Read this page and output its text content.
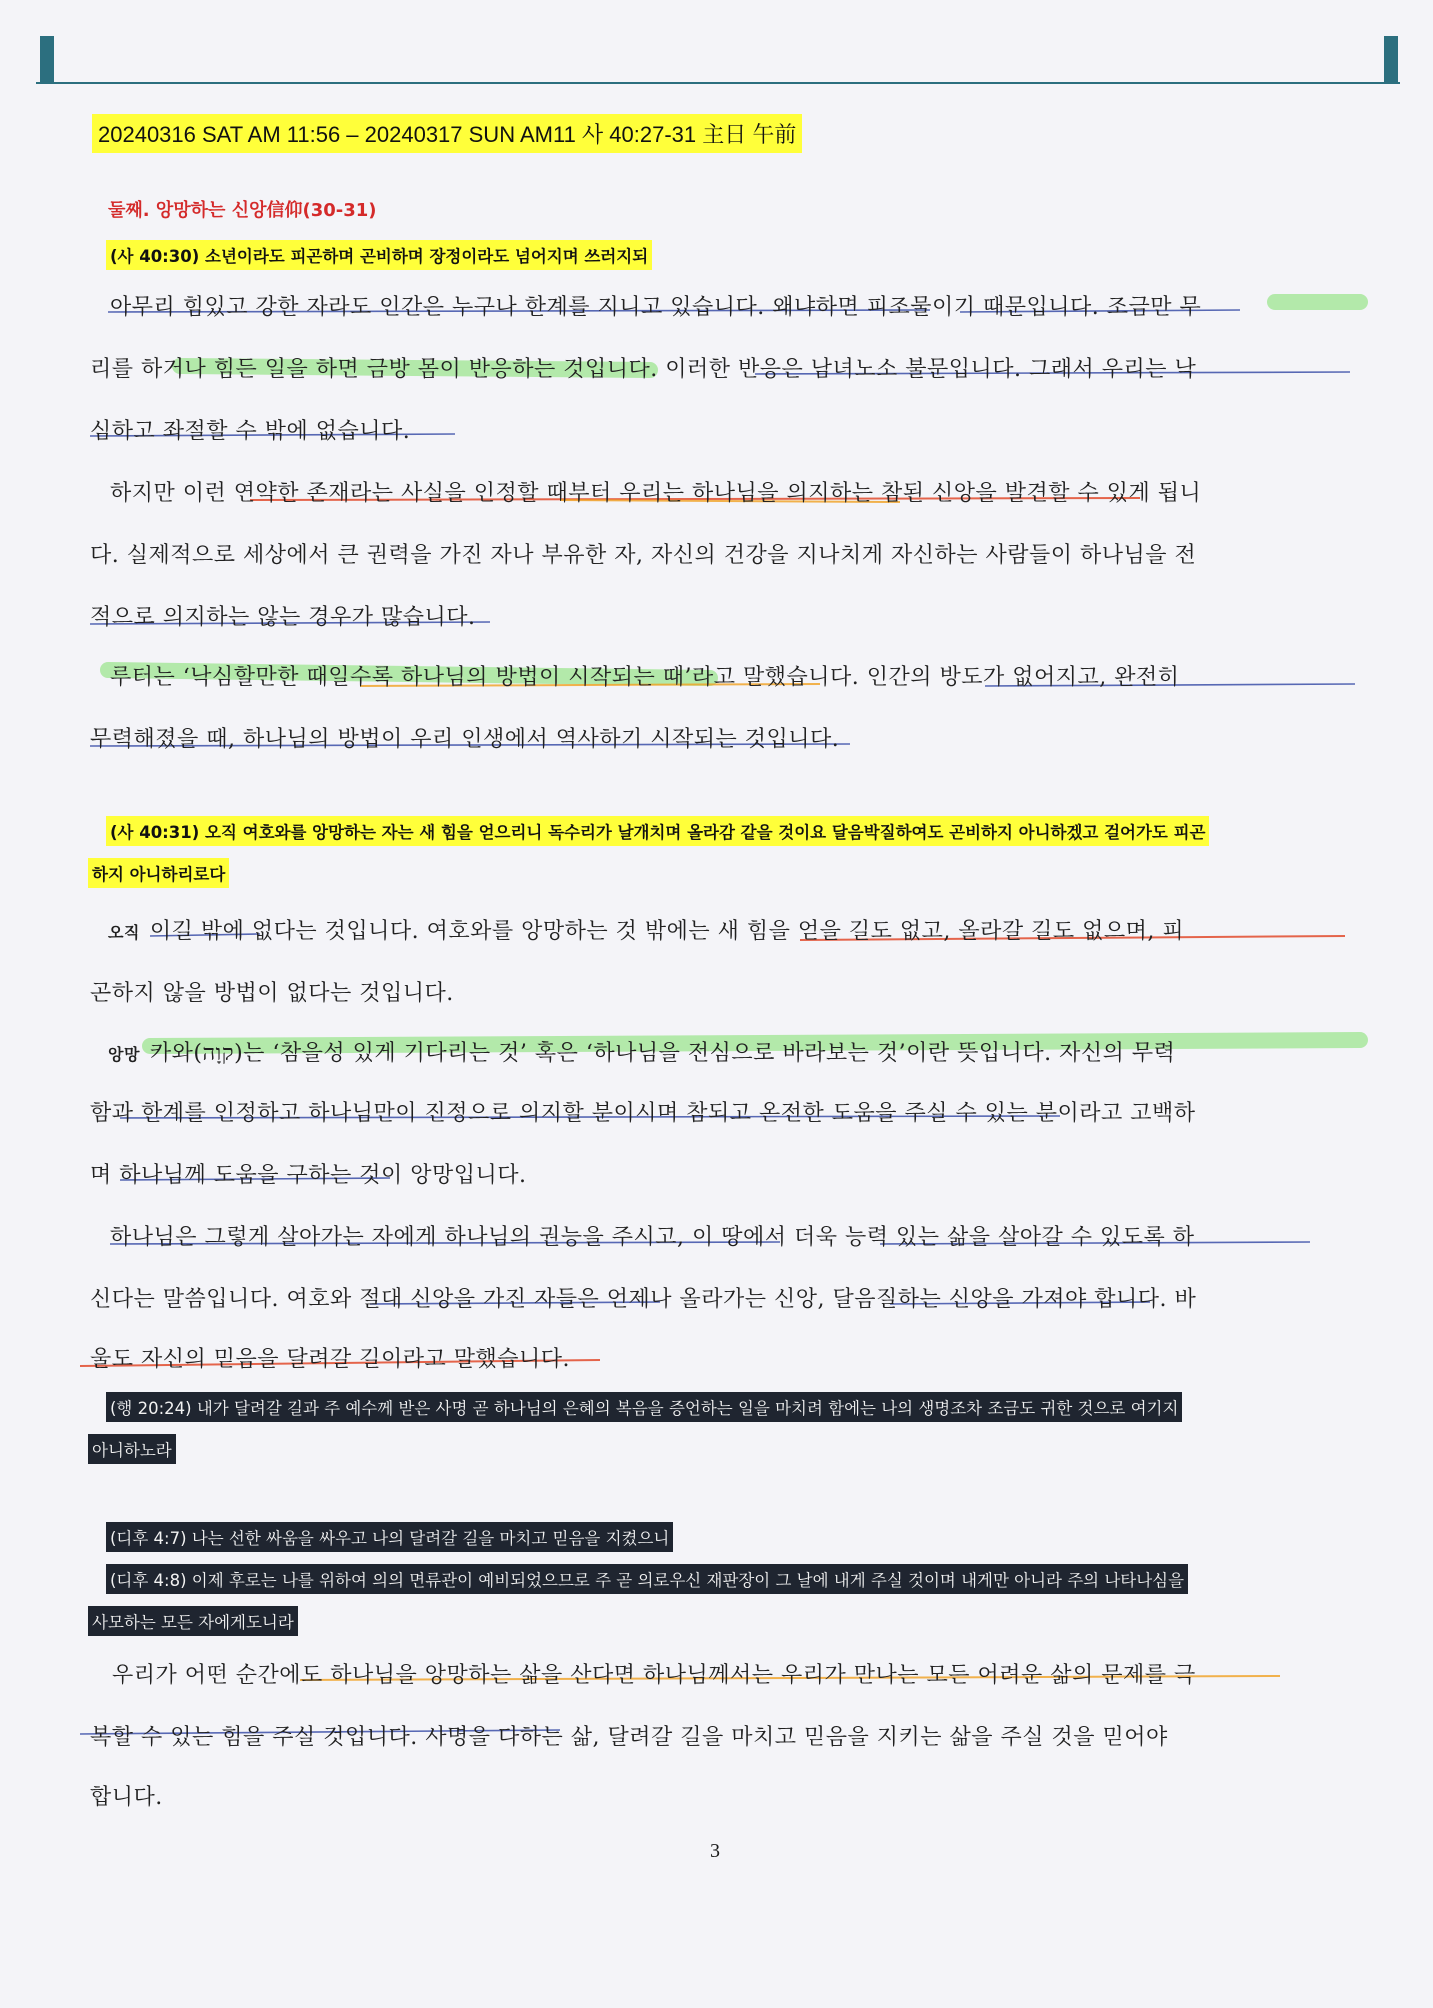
20240316 SAT AM 11:56 – 20240317 SUN AM11 사 40:27-31 主日 午前
둘째. 앙망하는 신앙信仰(30-31)
(사 40:30) 소년이라도 피곤하며 곤비하며 장정이라도 넘어지며 쓰러지되
아무리 힘있고 강한 자라도 인간은 누구나 한계를 지니고 있습니다. 왜냐하면 피조물이기 때문입니다. 조금만 무
리를 하거나 힘든 일을 하면 금방 몸이 반응하는 것입니다. 이러한 반응은 남녀노소 불문입니다. 그래서 우리는 낙
심하고 좌절할 수 밖에 없습니다.
하지만 이런 연약한 존재라는 사실을 인정할 때부터 우리는 하나님을 의지하는 참된 신앙을 발견할 수 있게 됩니
다. 실제적으로 세상에서 큰 권력을 가진 자나 부유한 자, 자신의 건강을 지나치게 자신하는 사람들이 하나님을 전
적으로 의지하는 않는 경우가 많습니다.
루터는 ‘낙심할만한 때일수록 하나님의 방법이 시작되는 때’라고 말했습니다. 인간의 방도가 없어지고, 완전히
무력해졌을 때, 하나님의 방법이 우리 인생에서 역사하기 시작되는 것입니다.
(사 40:31) 오직 여호와를 앙망하는 자는 새 힘을 얻으리니 독수리가 날개치며 올라감 같을 것이요 달음박질하여도 곤비하지 아니하겠고 걸어가도 피곤
하지 아니하리로다
오직 이길 밖에 없다는 것입니다. 여호와를 앙망하는 것 밖에는 새 힘을 얻을 길도 없고, 올라갈 길도 없으며, 피
곤하지 않을 방법이 없다는 것입니다.
앙망 카와(קוָה)는 ‘참을성 있게 기다리는 것’ 혹은 ‘하나님을 전심으로 바라보는 것’이란 뜻입니다. 자신의 무력
함과 한계를 인정하고 하나님만이 진정으로 의지할 분이시며 참되고 온전한 도움을 주실 수 있는 분이라고 고백하
며 하나님께 도움을 구하는 것이 앙망입니다.
하나님은 그렇게 살아가는 자에게 하나님의 권능을 주시고, 이 땅에서 더욱 능력 있는 삶을 살아갈 수 있도록 하
신다는 말씀입니다. 여호와 절대 신앙을 가진 자들은 언제나 올라가는 신앙, 달음질하는 신앙을 가져야 합니다. 바
울도 자신의 믿음을 달려갈 길이라고 말했습니다.
(행 20:24) 내가 달려갈 길과 주 예수께 받은 사명 곧 하나님의 은혜의 복음을 증언하는 일을 마치려 함에는 나의 생명조차 조금도 귀한 것으로 여기지
아니하노라
(디후 4:7) 나는 선한 싸움을 싸우고 나의 달려갈 길을 마치고 믿음을 지켰으니
(디후 4:8) 이제 후로는 나를 위하여 의의 면류관이 예비되었으므로 주 곧 의로우신 재판장이 그 날에 내게 주실 것이며 내게만 아니라 주의 나타나심을
사모하는 모든 자에게도니라
우리가 어떤 순간에도 하나님을 앙망하는 삶을 산다면 하나님께서는 우리가 만나는 모든 어려운 삶의 문제를 극
복할 수 있는 힘을 주실 것입니다. 사명을 다하는 삶, 달려갈 길을 마치고 믿음을 지키는 삶을 주실 것을 믿어야
합니다.
3
